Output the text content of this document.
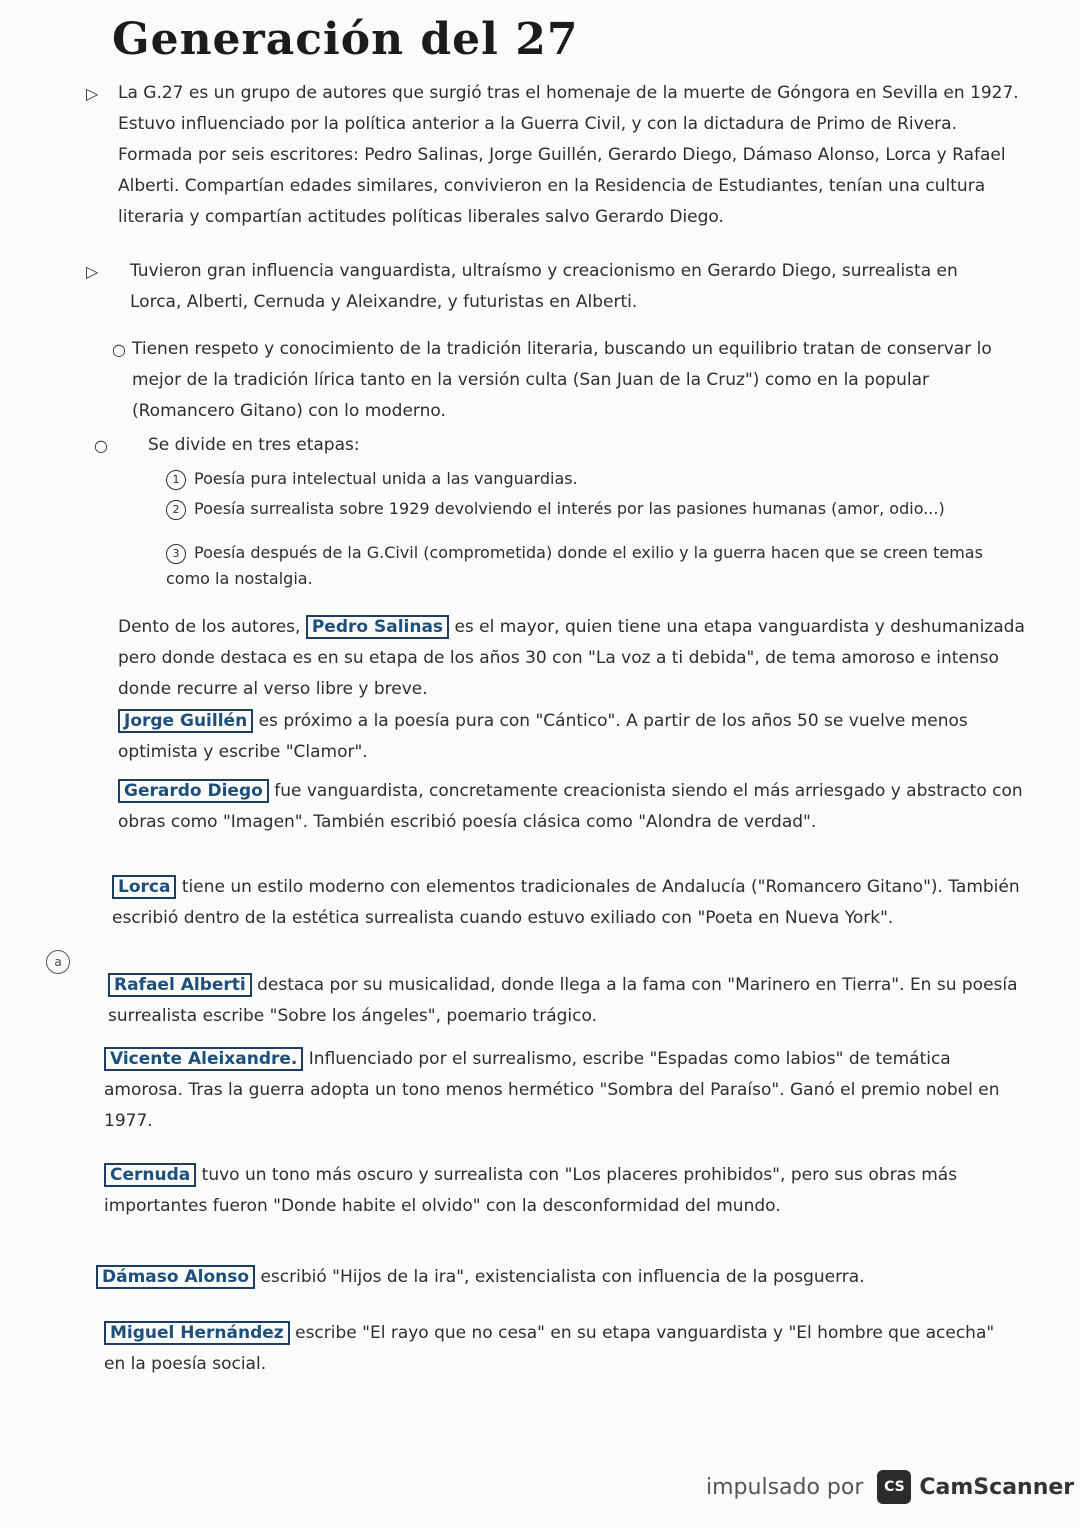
Generación del 27
▷ La G.27 es un grupo de autores que surgió tras el homenaje de la muerte de Góngora en Sevilla en 1927. Estuvo influenciado por la política anterior a la Guerra Civil, y con la dictadura de Primo de Rivera. Formada por seis escritores: Pedro Salinas, Jorge Guillén, Gerardo Diego, Dámaso Alonso, Lorca y Rafael Alberti. Compartían edades similares, convivieron en la Residencia de Estudiantes, tenían una cultura literaria y compartían actitudes políticas liberales salvo Gerardo Diego.
▷ Tuvieron gran influencia vanguardista, ultraísmo y creacionismo en Gerardo Diego, surrealista en Lorca, Alberti, Cernuda y Aleixandre, y futuristas en Alberti.
○ Tienen respeto y conocimiento de la tradición literaria, buscando un equilibrio tratan de conservar lo mejor de la tradición lírica tanto en la versión culta (San Juan de la Cruz") como en la popular (Romancero Gitano) con lo moderno.
○ Se divide en tres etapas:
1 Poesía pura intelectual unida a las vanguardias.
2 Poesía surrealista sobre 1929 devolviendo el interés por las pasiones humanas (amor, odio...)
3 Poesía después de la G.Civil (comprometida) donde el exilio y la guerra hacen que se creen temas como la nostalgia.
Dento de los autores, Pedro Salinas es el mayor, quien tiene una etapa vanguardista y deshumanizada pero donde destaca es en su etapa de los años 30 con "La voz a ti debida", de tema amoroso e intenso donde recurre al verso libre y breve.
Jorge Guillén es próximo a la poesía pura con "Cántico". A partir de los años 50 se vuelve menos optimista y escribe "Clamor".
Gerardo Diego fue vanguardista, concretamente creacionista siendo el más arriesgado y abstracto con obras como "Imagen". También escribió poesía clásica como "Alondra de verdad".
Lorca tiene un estilo moderno con elementos tradicionales de Andalucía ("Romancero Gitano"). También escribió dentro de la estética surrealista cuando estuvo exiliado con "Poeta en Nueva York".
a
Rafael Alberti destaca por su musicalidad, donde llega a la fama con "Marinero en Tierra". En su poesía surrealista escribe "Sobre los ángeles", poemario trágico.
Vicente Aleixandre. Influenciado por el surrealismo, escribe "Espadas como labios" de temática amorosa. Tras la guerra adopta un tono menos hermético "Sombra del Paraíso". Ganó el premio nobel en 1977.
Cernuda tuvo un tono más oscuro y surrealista con "Los placeres prohibidos", pero sus obras más importantes fueron "Donde habite el olvido" con la desconformidad del mundo.
Dámaso Alonso escribió "Hijos de la ira", existencialista con influencia de la posguerra.
Miguel Hernández escribe "El rayo que no cesa" en su etapa vanguardista y "El hombre que acecha" en la poesía social.
impulsado por	CS CamScanner
